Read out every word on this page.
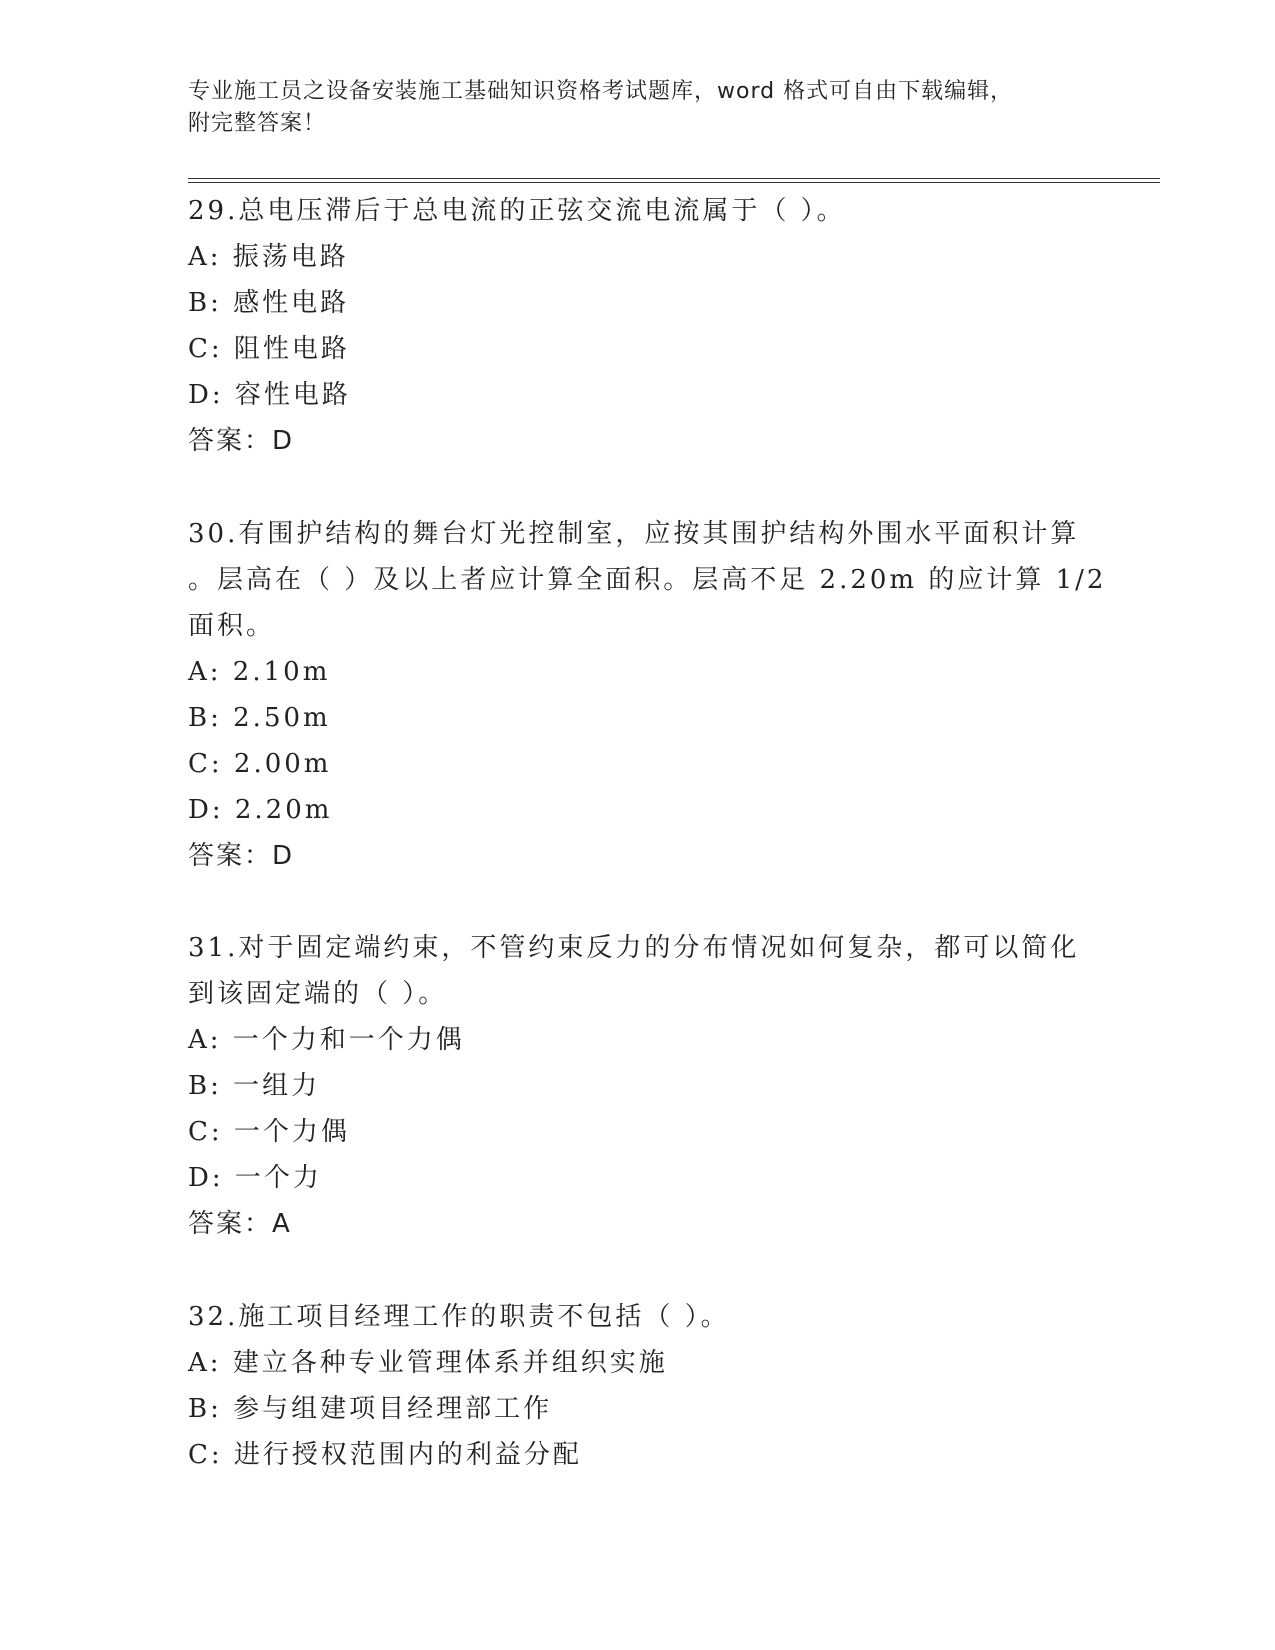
专业施工员之设备安装施工基础知识资格考试题库，word 格式可自由下载编辑，
附完整答案！
29.总电压滞后于总电流的正弦交流电流属于（ ）。
A: 振荡电路
B: 感性电路
C: 阻性电路
D: 容性电路
答案：D
30.有围护结构的舞台灯光控制室，应按其围护结构外围水平面积计算
。层高在（ ）及以上者应计算全面积。层高不足 2.20m 的应计算 1/2
面积。
A: 2.10m
B: 2.50m
C: 2.00m
D: 2.20m
答案：D
31.对于固定端约束，不管约束反力的分布情况如何复杂，都可以简化
到该固定端的（ ）。
A: 一个力和一个力偶
B: 一组力
C: 一个力偶
D: 一个力
答案：A
32.施工项目经理工作的职责不包括（ ）。
A: 建立各种专业管理体系并组织实施
B: 参与组建项目经理部工作
C: 进行授权范围内的利益分配
